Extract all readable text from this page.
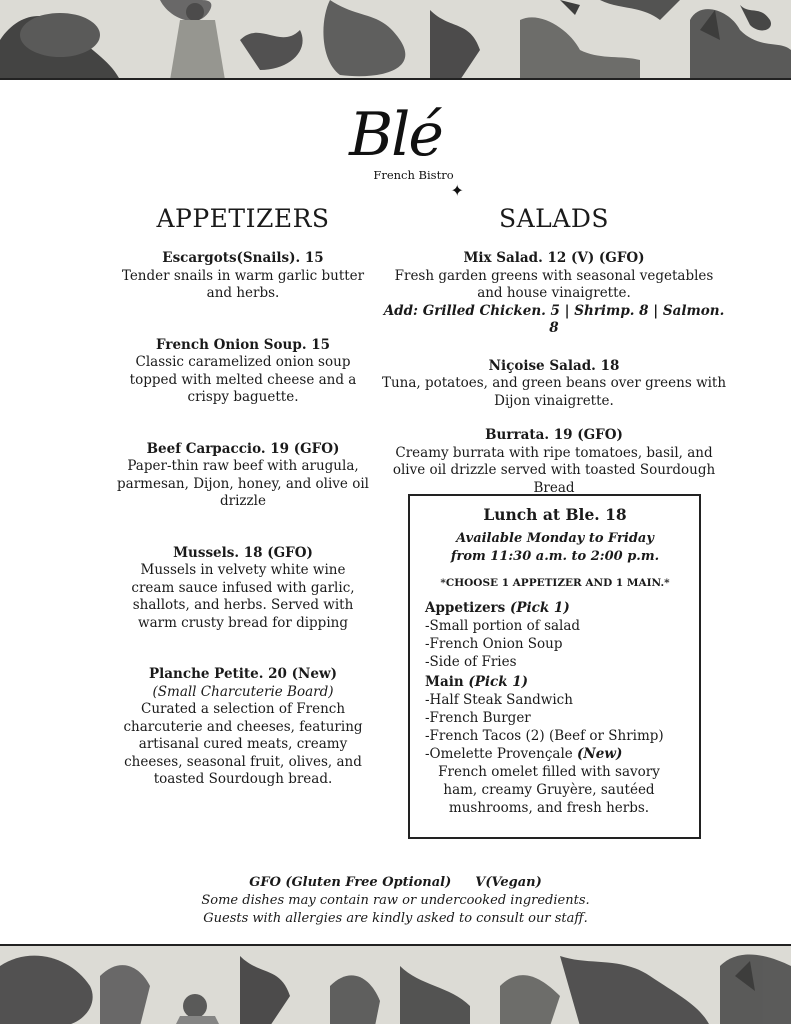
Blé
✦
French Bistro
APPETIZERS
Escargots(Snails). 15
Tender snails in warm garlic butter and herbs.
French Onion Soup. 15
Classic caramelized onion soup topped with melted cheese and a crispy baguette.
Beef Carpaccio. 19 (GFO)
Paper-thin raw beef with arugula, parmesan, Dijon, honey, and olive oil drizzle
Mussels. 18 (GFO)
Mussels in velvety white wine cream sauce infused with garlic, shallots, and herbs. Served with warm crusty bread for dipping
Planche Petite. 20 (New)
(Small Charcuterie Board)
Curated a selection of French charcuterie and cheeses, featuring artisanal cured meats, creamy cheeses, seasonal fruit, olives, and toasted Sourdough bread.
SALADS
Mix Salad. 12 (V) (GFO)
Fresh garden greens with seasonal vegetables and house vinaigrette.
Add: Grilled Chicken. 5 | Shrimp. 8 | Salmon. 8
Niçoise Salad. 18
Tuna, potatoes, and green beans over greens with Dijon vinaigrette.
Burrata. 19 (GFO)
Creamy burrata with ripe tomatoes, basil, and olive oil drizzle served with toasted Sourdough Bread
Lunch at Ble. 18
Available Monday to Friday
from 11:30 a.m. to 2:00 p.m.
*CHOOSE 1 APPETIZER AND 1 MAIN.*
Appetizers (Pick 1)
-Small portion of salad
-French Onion Soup
-Side of Fries
Main (Pick 1)
-Half Steak Sandwich
-French Burger
-French Tacos (2) (Beef or Shrimp)
-Omelette Provençale (New)
French omelet filled with savory ham, creamy Gruyère, sautéed mushrooms, and fresh herbs.
GFO (Gluten Free Optional) V(Vegan)
Some dishes may contain raw or undercooked ingredients.
Guests with allergies are kindly asked to consult our staff.
